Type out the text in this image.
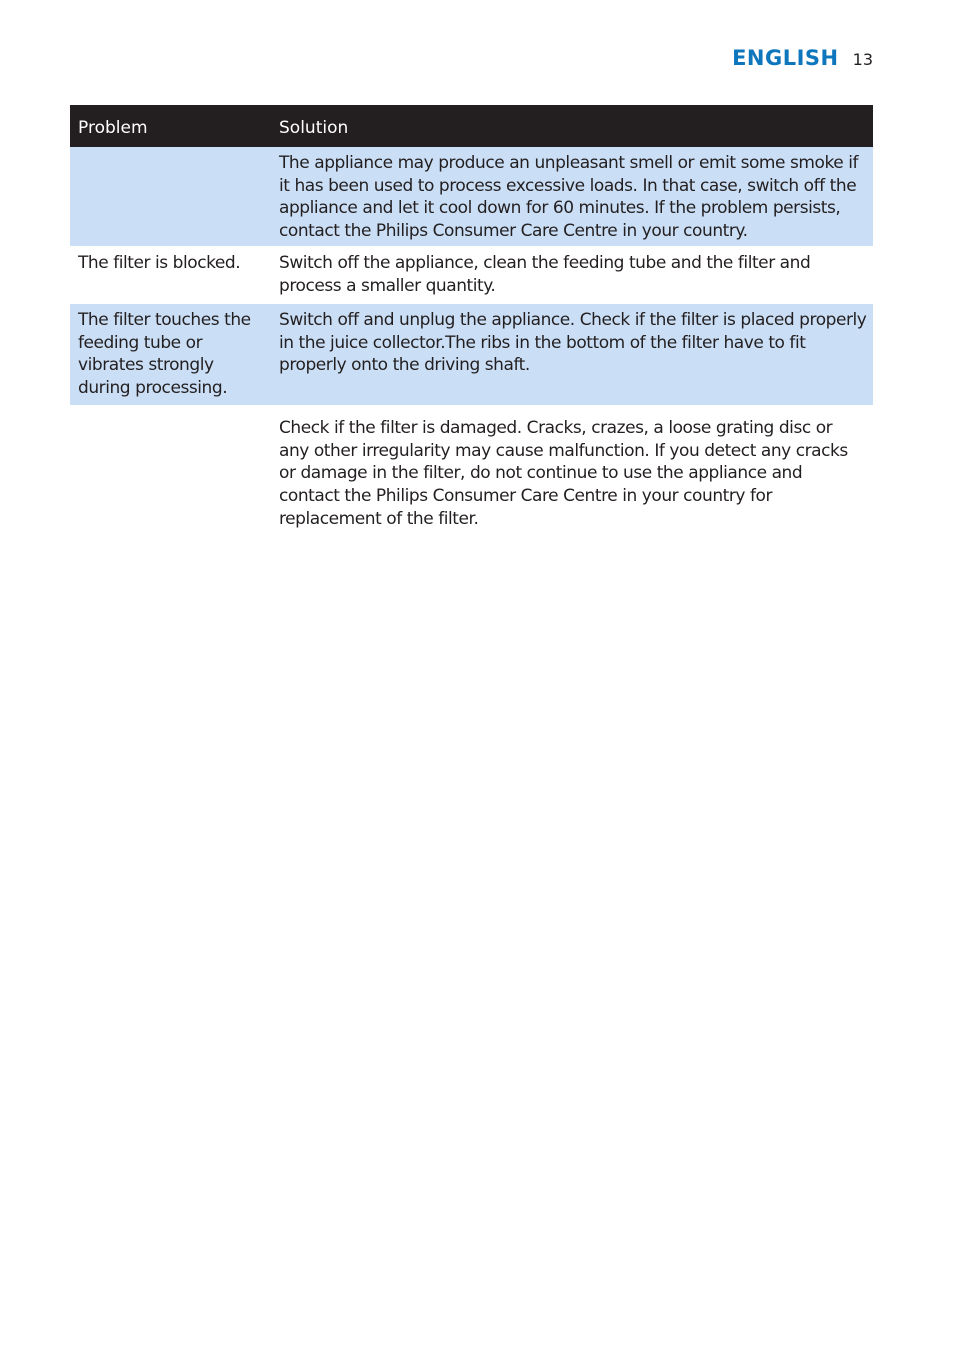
ENGLISH 13
Problem	Solution
The appliance may produce an unpleasant smell or emit some smoke if it has been used to process excessive loads. In that case, switch off the appliance and let it cool down for 60 minutes. If the problem persists, contact the Philips Consumer Care Centre in your country.
The filter is blocked.	Switch off the appliance, clean the feeding tube and the filter and process a smaller quantity.
The filter touches the feeding tube or vibrates strongly during processing.
Switch off and unplug the appliance. Check if the filter is placed properly in the juice collector.The ribs in the bottom of the filter have to fit properly onto the driving shaft.
Check if the filter is damaged. Cracks, crazes, a loose grating disc or any other irregularity may cause malfunction. If you detect any cracks or damage in the filter, do not continue to use the appliance and contact the Philips Consumer Care Centre in your country for replacement of the filter.
